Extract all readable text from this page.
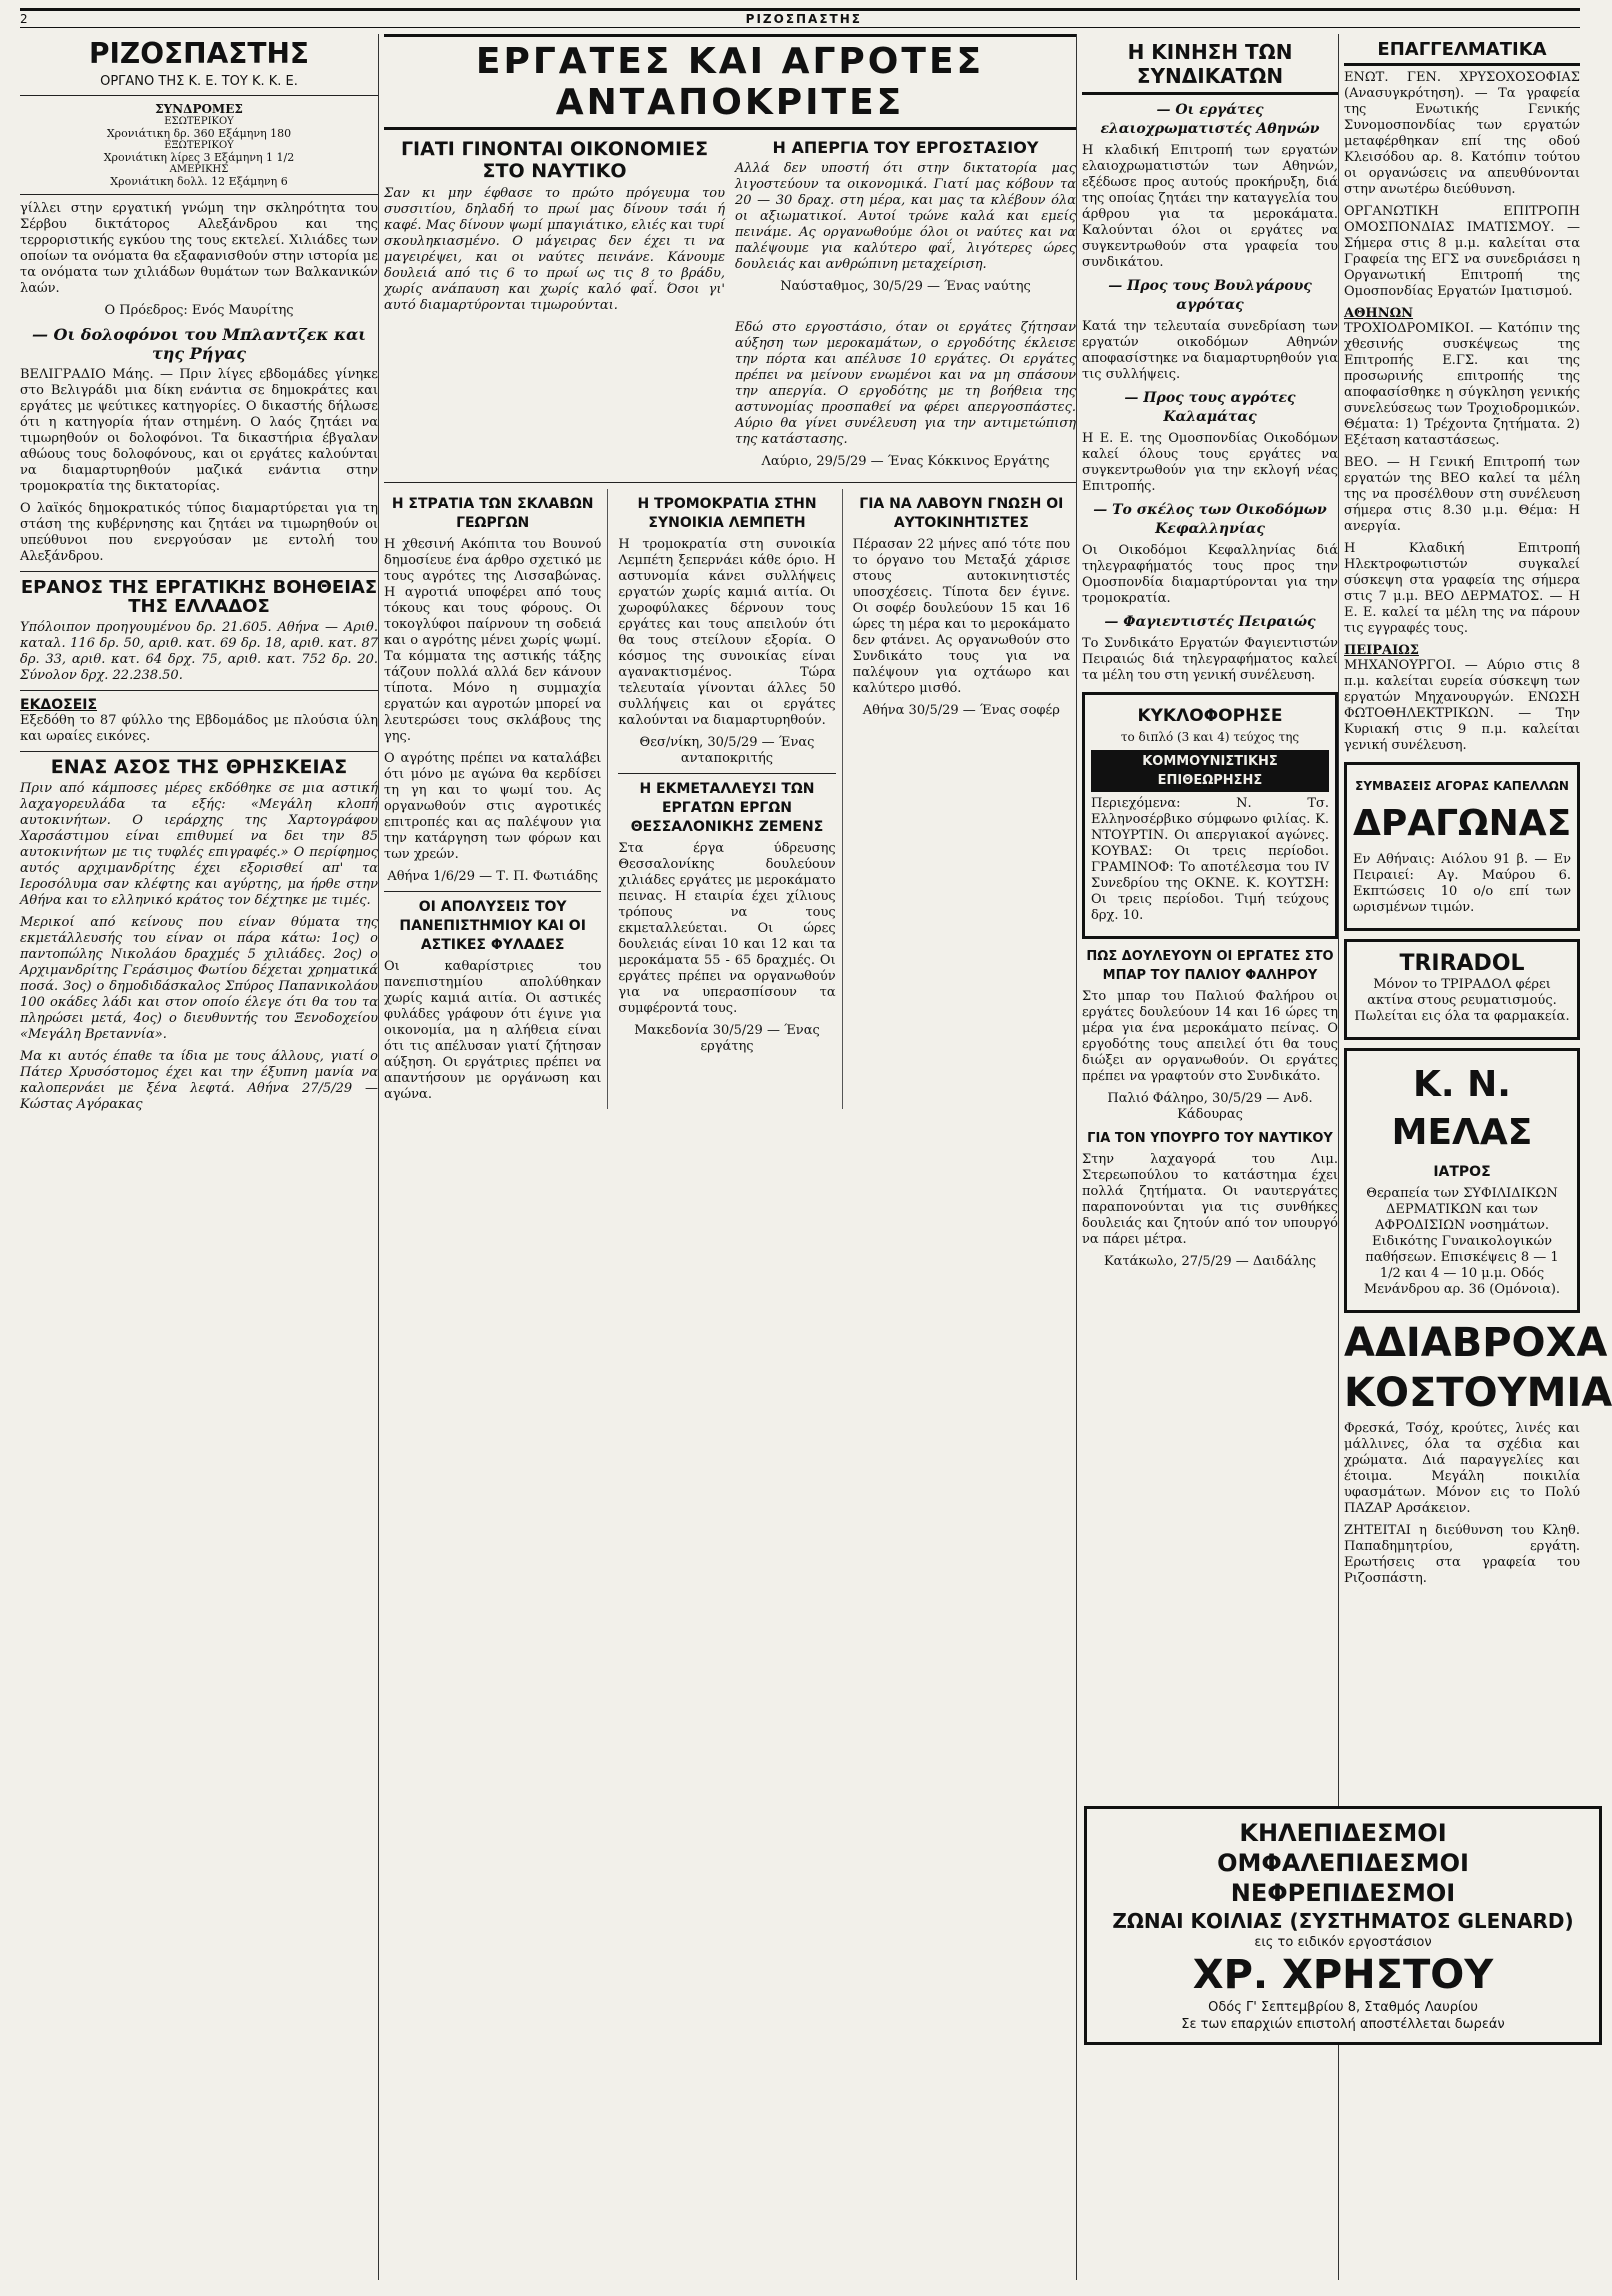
2	ΡΙΖΟΣΠΑΣΤΗΣ
ΡΙΖΟΣΠΑΣΤΗΣ
ΟΡΓΑΝΟ ΤΗΣ Κ. Ε. ΤΟΥ Κ. Κ. Ε.
ΣΥΝΔΡΟΜΕΣ
ΕΣΩΤΕΡΙΚΟΥ
Χρονιάτικη δρ. 360 Εξάμηνη 180
ΕΞΩΤΕΡΙΚΟΥ
Χρονιάτικη λίρες 3 Εξάμηνη 1 1/2
ΑΜΕΡΙΚΗΣ
Χρονιάτικη δολλ. 12 Εξάμηνη 6

γίλλει στην εργατική γνώμη την σκληρότητα του Σέρβου δικτάτορος Αλεξάνδρου και της τερροριστικής εγκύου της τους εκτελεί. Χιλιάδες των οποίων τα ονόματα θα εξαφανισθούν στην ιστορία με τα ονόματα των χιλιάδων θυμάτων των Βαλκανικών λαών.

Ο Πρόεδρος: Ενός Μαυρίτης

— Οι δολοφόνοι του Μπλαντζεκ και της Ρήγας

ΒΕΛΙΓΡΑΔΙΟ Μάης. — Πριν λίγες εβδομάδες γίνηκε στο Βελιγράδι μια δίκη ενάντια σε δημοκράτες και εργάτες με ψεύτικες κατηγορίες. Ο δικαστής δήλωσε ότι η κατηγορία ήταν στημένη. Ο λαός ζητάει να τιμωρηθούν οι δολοφόνοι. Τα δικαστήρια έβγαλαν αθώους τους δολοφόνους, και οι εργάτες καλούνται να διαμαρτυρηθούν μαζικά ενάντια στην τρομοκρατία της δικτατορίας.

Ο λαϊκός δημοκρατικός τύπος διαμαρτύρεται για τη στάση της κυβέρνησης και ζητάει να τιμωρηθούν οι υπεύθυνοι που ενεργούσαν με εντολή του Αλεξάνδρου.

ΕΡΑΝΟΣ ΤΗΣ ΕΡΓΑΤΙΚΗΣ ΒΟΗΘΕΙΑΣ ΤΗΣ ΕΛΛΑΔΟΣ

Υπόλοιπον προηγουμένου δρ. 21.605. Αθήνα — Αριθ. καταλ. 116 δρ. 50, αριθ. κατ. 69 δρ. 18, αριθ. κατ. 87 δρ. 33, αριθ. κατ. 64 δρχ. 75, αριθ. κατ. 752 δρ. 20. Σύνολον δρχ. 22.238.50.

ΕΚΔΟΣΕΙΣ

Εξεδόθη το 87 φύλλο της Εβδομάδος με πλούσια ύλη και ωραίες εικόνες.

ΕΝΑΣ ΑΣΟΣ ΤΗΣ ΘΡΗΣΚΕΙΑΣ

Πριν από κάμποσες μέρες εκδόθηκε σε μια αστική λαχαγορευλάδα τα εξής: «Μεγάλη κλοπή αυτοκινήτων. Ο ιεράρχης της Χαρτογράφου Χαρσάστιμου είναι επιθυμεί να δει την 85 αυτοκινήτων με τις τυφλές επιγραφές.» Ο περίφημος αυτός αρχιμανδρίτης έχει εξορισθεί απ' τα Ιεροσόλυμα σαν κλέφτης και αγύρτης, μα ήρθε στην Αθήνα και το ελληνικό κράτος τον δέχτηκε με τιμές.

Μερικοί από κείνους που είναν θύματα της εκμετάλλευσής του είναν οι πάρα κάτω: 1ος) ο παντοπώλης Νικολάου δραχμές 5 χιλιάδες. 2ος) ο Αρχιμανδρίτης Γεράσιμος Φωτίου δέχεται χρηματικά ποσά. 3ος) ο δημοδιδάσκαλος Σπύρος Παπανικολάου 100 οκάδες λάδι και στον οποίο έλεγε ότι θα του τα πληρώσει μετά, 4ος) ο διευθυντής του Ξενοδοχείου «Μεγάλη Βρεταννία».

Μα κι αυτός έπαθε τα ίδια με τους άλλους, γιατί ο Πάτερ Χρυσόστομος έχει και την έξυπνη μανία να καλοπερνάει με ξένα λεφτά. Αθήνα 27/5/29 — Κώστας Αγόρακας

ΕΡΓΑΤΕΣ ΚΑΙ ΑΓΡΟΤΕΣ ΑΝΤΑΠΟΚΡΙΤΕΣ
ΓΙΑΤΙ ΓΙΝΟΝΤΑΙ ΟΙΚΟΝΟΜΙΕΣ ΣΤΟ ΝΑΥΤΙΚΟ

Σαν κι μην έφθασε το πρώτο πρόγευμα του συσσιτίου, δηλαδή το πρωί μας δίνουν τσάι ή καφέ. Μας δίνουν ψωμί μπαγιάτικο, ελιές και τυρί σκουληκιασμένο. Ο μάγειρας δεν έχει τι να μαγειρέψει, και οι ναύτες πεινάνε. Κάνουμε δουλειά από τις 6 το πρωί ως τις 8 το βράδυ, χωρίς ανάπαυση και χωρίς καλό φαΐ. Όσοι γι' αυτό διαμαρτύρονται τιμωρούνται.

Η ΑΠΕΡΓΙΑ ΤΟΥ ΕΡΓΟΣΤΑΣΙΟΥ

Αλλά δεν υποστή ότι στην δικτατορία μας λιγοστεύουν τα οικονομικά. Γιατί μας κόβουν τα 20 — 30 δραχ. στη μέρα, και μας τα κλέβουν όλα οι αξιωματικοί. Αυτοί τρώνε καλά και εμείς πεινάμε. Ας οργανωθούμε όλοι οι ναύτες και να παλέψουμε για καλύτερο φαΐ, λιγότερες ώρες δουλειάς και ανθρώπινη μεταχείριση.

Ναύσταθμος, 30/5/29 — Ένας ναύτης

Εδώ στο εργοστάσιο, όταν οι εργάτες ζήτησαν αύξηση των μεροκαμάτων, ο εργοδότης έκλεισε την πόρτα και απέλυσε 10 εργάτες. Οι εργάτες πρέπει να μείνουν ενωμένοι και να μη σπάσουν την απεργία. Ο εργοδότης με τη βοήθεια της αστυνομίας προσπαθεί να φέρει απεργοσπάστες. Αύριο θα γίνει συνέλευση για την αντιμετώπιση της κατάστασης.

Λαύριο, 29/5/29 — Ένας Κόκκινος Εργάτης

Η ΣΤΡΑΤΙΑ ΤΩΝ ΣΚΛΑΒΩΝ ΓΕΩΡΓΩΝ

Η χθεσινή Ακόπιτα του Βουνού δημοσίευε ένα άρθρο σχετικό με τους αγρότες της Λισσαβώνας. Η αγροτιά υποφέρει από τους τόκους και τους φόρους. Οι τοκογλύφοι παίρνουν τη σοδειά και ο αγρότης μένει χωρίς ψωμί. Τα κόμματα της αστικής τάξης τάζουν πολλά αλλά δεν κάνουν τίποτα. Μόνο η συμμαχία εργατών και αγροτών μπορεί να λευτερώσει τους σκλάβους της γης.

Ο αγρότης πρέπει να καταλάβει ότι μόνο με αγώνα θα κερδίσει τη γη και το ψωμί του. Ας οργανωθούν στις αγροτικές επιτροπές και ας παλέψουν για την κατάργηση των φόρων και των χρεών.

Αθήνα 1/6/29 — Τ. Π. Φωτιάδης

ΟΙ ΑΠΟΛΥΣΕΙΣ ΤΟΥ ΠΑΝΕΠΙΣΤΗΜΙΟΥ ΚΑΙ ΟΙ ΑΣΤΙΚΕΣ ΦΥΛΑΔΕΣ

Οι καθαρίστριες του πανεπιστημίου απολύθηκαν χωρίς καμιά αιτία. Οι αστικές φυλάδες γράφουν ότι έγινε για οικονομία, μα η αλήθεια είναι ότι τις απέλυσαν γιατί ζήτησαν αύξηση. Οι εργάτριες πρέπει να απαντήσουν με οργάνωση και αγώνα.

Η ΤΡΟΜΟΚΡΑΤΙΑ ΣΤΗΝ ΣΥΝΟΙΚΙΑ ΛΕΜΠΕΤΗ

Η τρομοκρατία στη συνοικία Λεμπέτη ξεπερνάει κάθε όριο. Η αστυνομία κάνει συλλήψεις εργατών χωρίς καμιά αιτία. Οι χωροφύλακες δέρνουν τους εργάτες και τους απειλούν ότι θα τους στείλουν εξορία. Ο κόσμος της συνοικίας είναι αγανακτισμένος. Τώρα τελευταία γίνονται άλλες 50 συλλήψεις και οι εργάτες καλούνται να διαμαρτυρηθούν.

Θεσ/νίκη, 30/5/29 — Ένας ανταποκριτής

Η ΕΚΜΕΤΑΛΛΕΥΣΙ ΤΩΝ ΕΡΓΑΤΩΝ ΕΡΓΩΝ ΘΕΣΣΑΛΟΝΙΚΗΣ ΖΕΜΕΝΣ

Στα έργα ύδρευσης Θεσσαλονίκης δουλεύουν χιλιάδες εργάτες με μεροκάματο πεινας. Η εταιρία έχει χίλιους τρόπους να τους εκμεταλλεύεται. Οι ώρες δουλειάς είναι 10 και 12 και τα μεροκάματα 55 - 65 δραχμές. Οι εργάτες πρέπει να οργανωθούν για να υπερασπίσουν τα συμφέροντά τους.

Μακεδονία 30/5/29 — Ένας εργάτης

ΓΙΑ ΝΑ ΛΑΒΟΥΝ ΓΝΩΣΗ ΟΙ ΑΥΤΟΚΙΝΗΤΙΣΤΕΣ

Πέρασαν 22 μήνες από τότε που το όργανο του Μεταξά χάρισε στους αυτοκινητιστές υποσχέσεις. Τίποτα δεν έγινε. Οι σοφέρ δουλεύουν 15 και 16 ώρες τη μέρα και το μεροκάματο δεν φτάνει. Ας οργανωθούν στο Συνδικάτο τους για να παλέψουν για οχτάωρο και καλύτερο μισθό.

Αθήνα 30/5/29 — Ένας σοφέρ

Η ΚΙΝΗΣΗ ΤΩΝ ΣΥΝΔΙΚΑΤΩΝ
— Οι εργάτες ελαιοχρωματιστές Αθηνών

Η κλαδική Επιτροπή των εργατών ελαιοχρωματιστών των Αθηνών, εξέδωσε προς αυτούς προκήρυξη, διά της οποίας ζητάει την καταγγελία του άρθρου για τα μεροκάματα. Καλούνται όλοι οι εργάτες να συγκεντρωθούν στα γραφεία του συνδικάτου.

— Προς τους Βουλγάρους αγρότας

Κατά την τελευταία συνεδρίαση των εργατών οικοδόμων Αθηνών αποφασίστηκε να διαμαρτυρηθούν για τις συλλήψεις.

— Προς τους αγρότες Καλαμάτας

Η Ε. Ε. της Ομοσπονδίας Οικοδόμων καλεί όλους τους εργάτες να συγκεντρωθούν για την εκλογή νέας Επιτροπής.

— Το σκέλος των Οικοδόμων Κεφαλληνίας

Οι Οικοδόμοι Κεφαλληνίας διά τηλεγραφήματός τους προς την Ομοσπονδία διαμαρτύρονται για την τρομοκρατία.

— Φαγιεντιστές Πειραιώς

Το Συνδικάτο Εργατών Φαγιεντιστών Πειραιώς διά τηλεγραφήματος καλεί τα μέλη του στη γενική συνέλευση.

ΚΥΚΛΟΦΟΡΗΣΕ
το διπλό (3 και 4) τεύχος της
ΚΟΜΜΟΥΝΙΣΤΙΚΗΣ ΕΠΙΘΕΩΡΗΣΗΣ

Περιεχόμενα: Ν. Τσ. Ελληνοσέρβικο σύμφωνο φιλίας. Κ. ΝΤΟΥΡΤΙΝ. Οι απεργιακοί αγώνες. ΚΟΥΒΑΣ: Οι τρεις περίοδοι. ΓΡΑΜΙΝΟΦ: Το αποτέλεσμα του ΙV Συνεδρίου της ΟΚΝΕ. Κ. ΚΟΥΤΣΗ: Οι τρεις περίοδοι. Τιμή τεύχους δρχ. 10.

ΠΩΣ ΔΟΥΛΕΥΟΥΝ ΟΙ ΕΡΓΑΤΕΣ ΣΤΟ ΜΠΑΡ ΤΟΥ ΠΑΛΙΟΥ ΦΑΛΗΡΟΥ

Στο μπαρ του Παλιού Φαλήρου οι εργάτες δουλεύουν 14 και 16 ώρες τη μέρα για ένα μεροκάματο πείνας. Ο εργοδότης τους απειλεί ότι θα τους διώξει αν οργανωθούν. Οι εργάτες πρέπει να γραφτούν στο Συνδικάτο.

Παλιό Φάληρο, 30/5/29 — Ανδ. Κάδουρας

ΓΙΑ ΤΟΝ ΥΠΟΥΡΓΟ ΤΟΥ ΝΑΥΤΙΚΟΥ

Στην λαχαγορά του Λιμ. Στερεωπούλου το κατάστημα έχει πολλά ζητήματα. Οι ναυτεργάτες παραπονούνται για τις συνθήκες δουλειάς και ζητούν από τον υπουργό να πάρει μέτρα.

Κατάκωλο, 27/5/29 — Δαιδάλης

ΕΠΑΓΓΕΛΜΑΤΙΚΑ

ΕΝΩΤ. ΓΕΝ. ΧΡΥΣΟΧΟΣΟΦΙΑΣ (Ανασυγκρότηση). — Τα γραφεία της Ενωτικής Γενικής Συνομοσπονδίας των εργατών μεταφέρθηκαν επί της οδού Κλεισόδου αρ. 8. Κατόπιν τούτου οι οργανώσεις να απευθύνονται στην ανωτέρω διεύθυνση.

ΟΡΓΑΝΩΤΙΚΗ ΕΠΙΤΡΟΠΗ ΟΜΟΣΠΟΝΔΙΑΣ ΙΜΑΤΙΣΜΟΥ. — Σήμερα στις 8 μ.μ. καλείται στα Γραφεία της ΕΓΣ να συνεδριάσει η Οργανωτική Επιτροπή της Ομοσπονδίας Εργατών Ιματισμού.

ΑΘΗΝΩΝ

ΤΡΟΧΙΟΔΡΟΜΙΚΟΙ. — Κατόπιν της χθεσινής συσκέψεως της Επιτροπής Ε.ΓΣ. και της προσωρινής επιτροπής της αποφασίσθηκε η σύγκληση γενικής συνελεύσεως των Τροχιοδρομικών. Θέματα: 1) Τρέχοντα ζητήματα. 2) Εξέταση καταστάσεως.

ΒΕΟ. — Η Γενική Επιτροπή των εργατών της ΒΕΟ καλεί τα μέλη της να προσέλθουν στη συνέλευση σήμερα στις 8.30 μ.μ. Θέμα: Η ανεργία.

Η Κλαδική Επιτροπή Ηλεκτροφωτιστών συγκαλεί σύσκεψη στα γραφεία της σήμερα στις 7 μ.μ. ΒΕΟ ΔΕΡΜΑΤΟΣ. — Η Ε. Ε. καλεί τα μέλη της να πάρουν τις εγγραφές τους.

ΠΕΙΡΑΙΩΣ

ΜΗΧΑΝΟΥΡΓΟΙ. — Αύριο στις 8 π.μ. καλείται ευρεία σύσκεψη των εργατών Μηχανουργών. ΕΝΩΣΗ ΦΩΤΟΘΗΛΕΚΤΡΙΚΩΝ. — Την Κυριακή στις 9 π.μ. καλείται γενική συνέλευση.

ΣΥΜΒΑΣΕΙΣ ΑΓΟΡΑΣ ΚΑΠΕΛΛΩΝ
ΔΡΑΓΩΝΑΣ

Εν Αθήναις: Αιόλου 91 β. — Εν Πειραιεί: Αγ. Μαύρου 6. Εκπτώσεις 10 ο/ο επί των ωρισμένων τιμών.

TRIRADOL

Μόνον το ΤΡΙΡΑΔΟΛ φέρει ακτίνα στους ρευματισμούς. Πωλείται εις όλα τα φαρμακεία.

Κ. Ν. ΜΕΛΑΣ
ΙΑΤΡΟΣ

Θεραπεία των ΣΥΦΙΛΙΔΙΚΩΝ ΔΕΡΜΑΤΙΚΩΝ και των ΑΦΡΟΔΙΣΙΩΝ νοσημάτων. Ειδικότης Γυναικολογικών παθήσεων. Επισκέψεις 8 — 1 1/2 και 4 — 10 μ.μ. Οδός Μενάνδρου αρ. 36 (Ομόνοια).

ΑΔΙΑΒΡΟΧΑ
ΚΟΣΤΟΥΜΙΑ

Φρεσκά, Τσόχ, κρούτες, λινές και μάλλινες, όλα τα σχέδια και χρώματα. Διά παραγγελίες και έτοιμα. Μεγάλη ποικιλία υφασμάτων. Μόνον εις το Πολύ ΠΑΖΑΡ Αρσάκειον.

ΖΗΤΕΙΤΑΙ η διεύθυνση του Κληθ. Παπαδημητρίου, εργάτη. Ερωτήσεις στα γραφεία του Ριζοσπάστη.

ΚΗΛΕΠΙΔΕΣΜΟΙ
ΟΜΦΑΛΕΠΙΔΕΣΜΟΙ
ΝΕΦΡΕΠΙΔΕΣΜΟΙ
ΖΩΝΑΙ ΚΟΙΛΙΑΣ (ΣΥΣΤΗΜΑΤΟΣ GLENARD)
εις το ειδικόν εργοστάσιον
ΧΡ. ΧΡΗΣΤΟΥ
Οδός Γ' Σεπτεμβρίου 8, Σταθμός Λαυρίου
Σε των επαρχιών επιστολή αποστέλλεται δωρεάν
